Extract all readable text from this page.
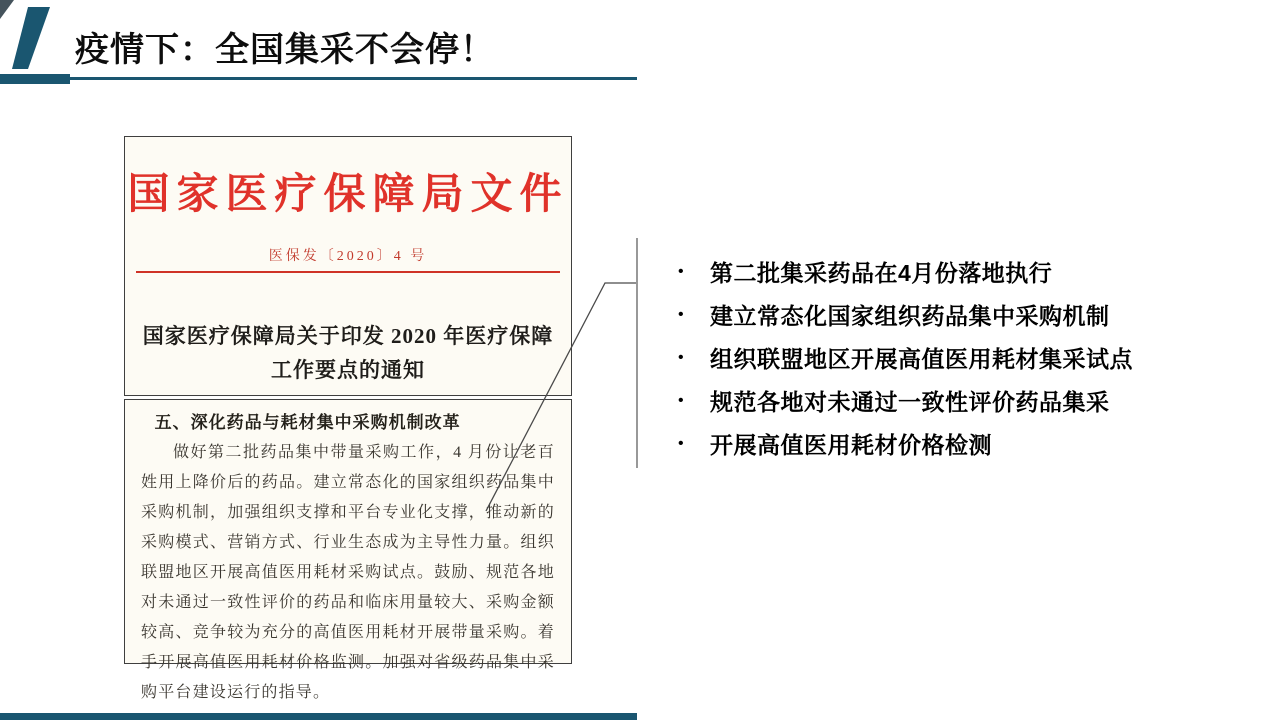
疫情下：全国集采不会停！

国家医疗保障局文件

医保发〔2020〕4 号

国家医疗保障局关于印发 2020 年医疗保障
工作要点的通知

五、深化药品与耗材集中采购机制改革

做好第二批药品集中带量采购工作，4 月份让老百姓用上降价后的药品。建立常态化的国家组织药品集中采购机制，加强组织支撑和平台专业化支撑，推动新的采购模式、营销方式、行业生态成为主导性力量。组织联盟地区开展高值医用耗材采购试点。鼓励、规范各地对未通过一致性评价的药品和临床用量较大、采购金额较高、竞争较为充分的高值医用耗材开展带量采购。着手开展高值医用耗材价格监测。加强对省级药品集中采购平台建设运行的指导。

•	第二批集采药品在4月份落地执行
•	建立常态化国家组织药品集中采购机制
•	组织联盟地区开展高值医用耗材集采试点
•	规范各地对未通过一致性评价药品集采
•	开展高值医用耗材价格检测
